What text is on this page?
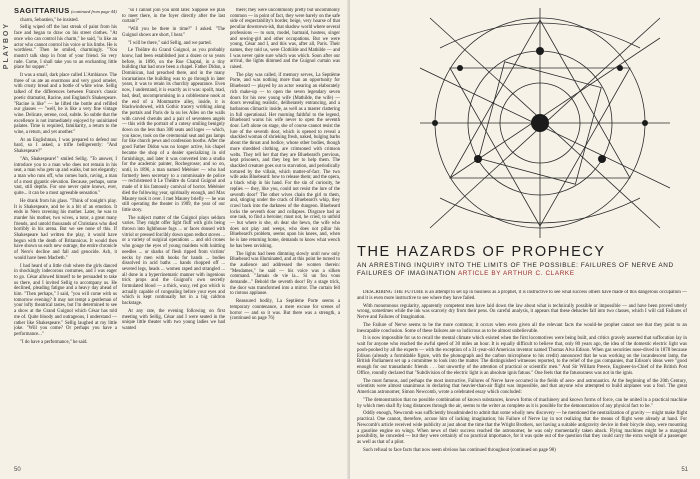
PLAYBOY
SAGITTARIUS (continued from page 44)

charm, Sebastien," he insisted.

Sellig wiped off the last streak of paint from his face and began to draw on his street clothes. "At once who can control his charm," he said, "is like an actor who cannot control his voice or his limbs. He is worthless." Then he smiled, charmingly. "You mustn't talk shop in front of your friend. So very rude. Come, I shall take you to an enchanting little place for supper."

It was a small, dark place called L'Ambiance. The three of us ate an enormous and very good omelet, with crusty bread and a bottle of white wine. Sellig talked of the differences between France's classic poetic dramatist, Racine, and England's Shakespeare. "Racine is like" — he lifted the bottle and refilled our glasses — "well, he is like a very fine vintage wine. Delicate, serene, cool, subtle. So subtle that the excellence is not immediately enjoyed by uninitiated palates. Time is required, familiarity, a return to the wine, a return, and yet another."

At an Englishman, I was prepared to defend our bard, so I asked, a trifle belligerently: "And Shakespeare?"

"Ah, Shakespeare!" smiled Sellig. "To answer, I introduce you to a man who does not remain in his seat, a man who gets up and walks, but not elegantly; a man who runs off, who comes back, raving, a man of a most gigantic elevation. Because, perhaps, some vast, still depths. For one never quite knows, ever, quite... it can be a most agreeable sensation."

He drank from his glass. "Think of tonight's play. It is Shakespeare, and he is a bit of an emotion. It ends in Nero ravening his mother. Later, he was to murder his mother, two wives, a tutor, a great many friends, and untold thousands of Christians who died horribly in his arena. But we see none of this. If Shakespeare had written the play, it would have begun with the death of Britannicus. It would then have shown us each new outrage, the entire chronicle of Nero's decline and fall and genocide. Ach, it would have been Macbeth."

I had heard of a little club where the girls danced in shockingly indecorous costumes, and I was eager to go. César allowed himself to be persuaded to take us there, and I invited Sellig to accompany us. He declined, pleading fatigue and a heavy day ahead of him. "Then perhaps," I said, "you will come with us tomorrow evening? It may not tempt a gentleman of your lofty theatrical tastes, but I'm determined to see a show at the Grand Guignol which César has told me of. Quite bloody and outrageous, I understand — rather like Shakespeare." Sellig laughed at my little joke. "Will you come? Or perhaps you have a performance..."

"I do have a performance," he said.

"so I cannot join you until later. Suppose we plan to meet there, in the foyer directly after the last curtain?"

"Will you be there in time?" I asked. "The Guignol shows are short, I hear."

"I will be there," said Sellig, and we parted.

Le Théâtre du Grand Guignol, as you probably know, had been established just a dozen or so years before, in 1896, on the Rue Chaptal, in a tiny building that had once been a chapel. Father Didon, a Dominican, had preached there, and in the many incarnations the building was to go through in later years, it was to retain its churchly appearance. Even now, I understand, it is exactly as it was: spoilt, mad, bad, deaf, uncompromising in a cobblestone nook at the end of a Montmartre alley, inside, it is blackwindowed, with Gothic tracery writhing along the portals and Paris de la ou les Ailes on the walls with carved cherubs and a pair of seventeen angels — this with the portrait of a cutesy smiling benignly down on the less than 300 seats and loges — which, you know, took on the ceremonial seat and gas lamps for like church pews and confession booths. After the good Father Didon was no longer active, his chapel became the shop of a dealer specializing in old furnishings, and later it was converted into a studio for the academic painter, Rochegrosse; and so on, until, in 1896, a man named Méténier — who had formerly been secretary to a commissaire de police — rechristened it Le Théâtre du Grand Guignol and made of it his famously carnival of horror. Méténier died the following year, spiritually enough, and Max Maurey took it over. I met Maurey briefly — he was still operating the theater in 1909, the year of our little story.

The subject matter of the Guignol plays seldom varies. They might offer light fluff with girls being thrown into lighthouse fogs ... or faces doused with vitriol or pressed forcibly down upon redhot stoves ... or a variety of surgical operations ... and old crones who gouge the eyes of young maidens with knitting needles ... or sharks of flesh ripped from victims' necks by men with hooks for hands ... bodies dissolved in acid baths ... hands chopped off ... severed legs, heads ... women raped and strangled ... all done in a hypercinematic manner with ingenious trick props and the Guignol's own secretly formulated blood — a thick, waxy, red goo which is actually capable of congealing before your eyes and which is kept continually hot in a big caldron backstage.

At any rate, the evening following on first meeting with Sellig, César and I were seated in the unique little theater with two young ladies we had wanted

there; they were uncommonly pretty but uncommonly common — in point of fact, they were barely on the safe side of respectability's border, beige, very hoarse of that peculiar downtown-ish, that shadow world where several professions — to sum, model, barmaid, hostess, singer and sewing-girl and other occupations. But we were young, César and I, and this was, after all, Paris. Their names, they told us, were Clothilde and Mathilde — and I was never quite sure which was which. Soon after our arrival, the lights dimmed and the Guignol curtain was raised.

The play was called, if memory serves, La Septième Porte, and was nothing more than an opportunity for Bluebeard — played by an actor wearing an elaborately rich make-up — to open the seven legendary seven doors for his new young wife (Mathilde, the wife) — doors revealing realistic, deliberately entrancing, and a barbarous climactic inside, as well as a master clattering in full operational. Her morning faithful to the legend, Bluebeard warns his wife never to open the seventh door. Left alone on stage, she of course cannot resist the lure of the seventh door, which is opened to reveal a shackled woman of shrieking fresh, naked, bulging barbs about the throat and bodice, whose other bodies, though more shredded clothing, are crimsoned with crimson welts. They tell her that they are Bluebeard's previous, kept prisoners, and they beg her to help them. The shackled creature goes out to starvation, and periodically tortured by the villain, which matter-of-fact. The two wife asks Bluebeard: how to release them; and the opera, a black whip in his hand. For the sin of curiosity, he replies — they, like you, could not resist the lure of the seventh door!' The other wives chain the girl to them, and, stinging under the crack of Bluebeard's whip, they crawl back into the darkness of the dungeon. Bluebeard locks the seventh door and collapses. Disgrace had as one task, to find a heroine; must not, he cried, to unfold — but where is she, oh dear she hewn, the wife who does not play and weeps, who does not pillar his Bluebeard's problem, seems upon his knees, and, when he is late returning home, demands to know what wench he has been ravishing.

The lights had been dimming slowly until now only Bluebeard was illuminated, and at this point he turned to the audience and addressed the women therein: "Mesdames," he said — his voice was a silken command. "Jamais de vie la... Si un fou vous demande..." Behold the seventh door! By a stage trick, the door was transformed into a mirror. The curtain fell to riotous applause.

Reassured bodily, La Septième Porte seems a temporary countenance, a mere excuse for scenes of horror — and so it was. But there was a strength, a (continued on page 76)

50
THE HAZARDS OF PROPHECY
AN ARRESTING INQUIRY INTO THE LIMITS OF THE POSSIBLE: FAILURES OF NERVE AND FAILURES OF IMAGINATION ARTICLE BY ARTHUR C. CLARKE

DESCRIBING THE FUTURE is an attempt to set up in business as a prophet, it is instructive to see what success others have made of this dangerous occupation — and it is even more instructive to see where they have failed.

With monotonous regularity, apparently competent men have laid down the law about what is technically possible or impossible — and have been proved utterly wrong, sometimes while the ink was scarcely dry from their pens. On careful analysis, it appears that these debacles fall into two classes, which I will call Failures of Nerve and Failures of Imagination.

The Failure of Nerve seems to be the more common; it occurs when even given all the relevant facts the would-be prophet cannot see that they point to an inescapable conclusion. Some of these failures are so ludicrous as to be almost unbelievable.

It is now impossible for us to recall the mental climate which existed when the first locomotives were being built, and critics gravely asserted that suffocation lay in wait for anyone who reached the awful speed of 30 miles an hour. It is equally difficult to believe that, only 80 years ago, the idea of the domestic electric light was pooh-poohed by all the experts — with the exception of a 31-year-old American inventor named Thomas Alva Edison. When gas securities nose-dived in 1878 because Edison (already a formidable figure, with the phonograph and the carbon microphone to his credit) announced that he was working on the incandescent lamp, the British Parliament set up a committee to look into the matter. The distinguished witnesses reported, to the relief of the gas companies, that Edison's ideas were "good enough for our transatlantic friends . . . but unworthy of the attention of practical or scientific men." And Sir William Preece, Engineer-in-Chief of the British Post Office, roundly declared that "Subdivision of the electric light is an absolute ignis fatuus." One feels that the fatuousness was not in the ignis.

The most famous, and perhaps the most instructive, Failures of Nerve have occurred in the fields of aero- and astronautics. At the beginning of the 20th Century, scientists were almost unanimous in declaring that heavier-than-air flight was impossible, and that anyone who attempted to build airplanes was a fool. The great American astronomer, Simon Newcomb, wrote a celebrated essay which concluded:

"The demonstration that no possible combination of known substances, known forms of machinery and known forms of force, can be united in a practical machine by which men shall fly long distances through the air, seems to the writer as complete as it is possible for the demonstration of any physical fact to be."

Oddly enough, Newcomb was sufficiently broadminded to admit that some wholly new discovery — he mentioned the neutralization of gravity — might make flight practical. One cannot, therefore, accuse him of lacking imagination; his Failure of Nerve lay in not realizing that the means of flight were already at hand. For Newcomb's article received wide publicity at just about the time that the Wright Brothers, not having a suitable antigravity device in their bicycle shop, were mounting a gasoline engine on wings. When news of their success reached the astronomer, he was only momentarily taken aback. Flying machines might be a marginal possibility, he conceded — but they were certainly of no practical importance, for it was quite out of the question that they could carry the extra weight of a passenger as well as that of a pilot.

Such refusal to face facts that now seem obvious has continued throughout (continued on page 98)

51
